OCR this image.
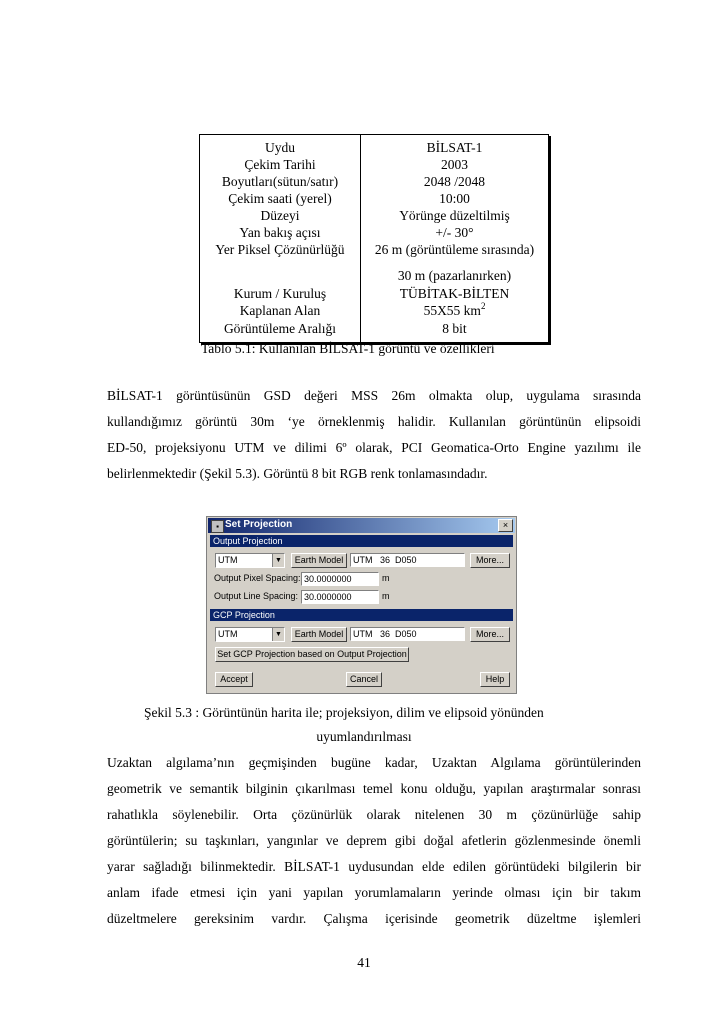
Uydu	BİLSAT-1
Çekim Tarihi	2003
Boyutları(sütun/satır)	2048 /2048
Çekim saati (yerel)	10:00
Düzeyi	Yörünge düzeltilmiş
Yan bakış açısı	+/- 30°
Yer Piksel Çözünürlüğü	26 m (görüntüleme sırasında)
30 m (pazarlanırken)
Kurum / Kuruluş	TÜBİTAK-BİLTEN
Kaplanan Alan	55X55 $km^2$
Görüntüleme Aralığı	8 bit
Tablo 5.1: Kullanılan BİLSAT-1 görüntü ve özellikleri
BİLSAT-1 görüntüsünün GSD değeri MSS 26m olmakta olup, uygulama sırasında
kullandığımız görüntü 30m ‘ye örneklenmiş halidir. Kullanılan görüntünün elipsoidi
ED-50, projeksiyonu UTM ve dilimi 6º olarak, PCI Geomatica-Orto Engine yazılımı ile
belirlenmektedir (Şekil 5.3). Görüntü 8 bit RGB renk tonlamasındadır.
▪ Set Projection	×
Output Projection
UTM	▼	Earth Model	UTM   36  D050	More...
Output Pixel Spacing: 30.0000000	m
Output Line Spacing: 30.0000000	m
GCP Projection
UTM	▼	Earth Model	UTM   36  D050	More...
Set GCP Projection based on Output Projection
Accept	Cancel	Help
Şekil 5.3 : Görüntünün harita ile; projeksiyon, dilim ve elipsoid yönünden
uyumlandırılması
Uzaktan algılama’nın geçmişinden bugüne kadar, Uzaktan Algılama görüntülerinden
geometrik ve semantik bilginin çıkarılması temel konu olduğu, yapılan araştırmalar sonrası
rahatlıkla söylenebilir. Orta çözünürlük olarak nitelenen 30 m çözünürlüğe sahip
görüntülerin; su taşkınları, yangınlar ve deprem gibi doğal afetlerin gözlenmesinde önemli
yarar sağladığı bilinmektedir. BİLSAT-1 uydusundan elde edilen görüntüdeki bilgilerin bir
anlam ifade etmesi için yani yapılan yorumlamaların yerinde olması için bir takım
düzeltmelere gereksinim vardır. Çalışma içerisinde geometrik düzeltme işlemleri
41
